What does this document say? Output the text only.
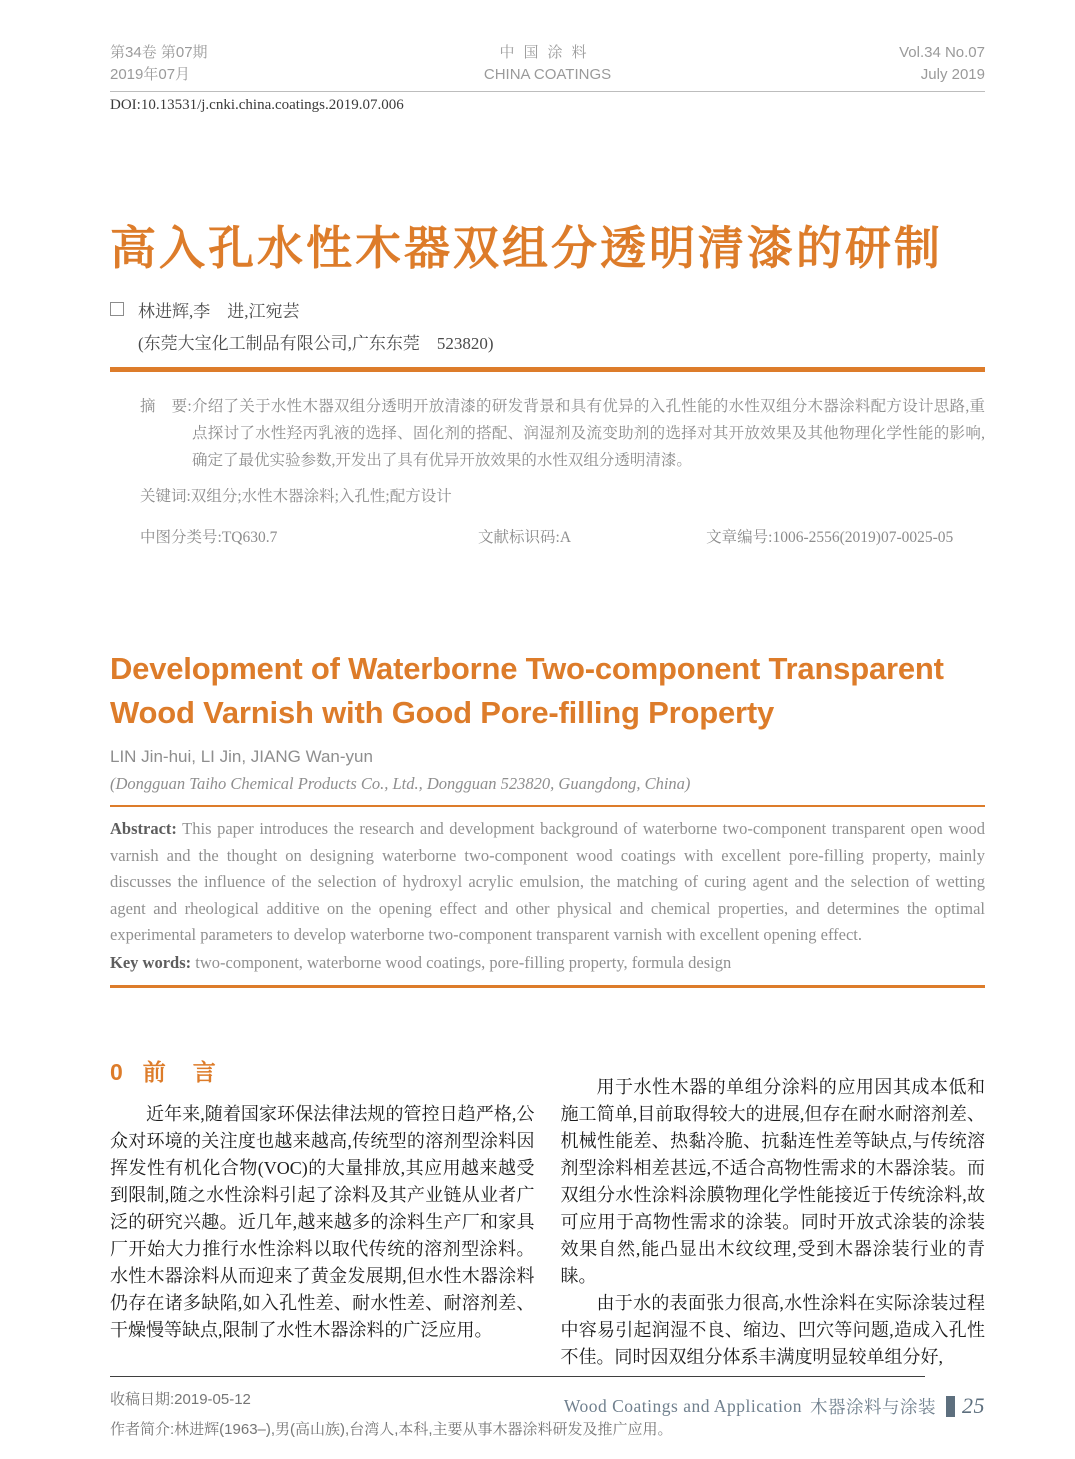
第34卷 第07期
2019年07月
中国涂料
CHINA COATINGS
Vol.34 No.07
July 2019
DOI:10.13531/j.cnki.china.coatings.2019.07.006
高入孔水性木器双组分透明清漆的研制
林进辉,李　进,江宛芸
(东莞大宝化工制品有限公司,广东东莞　523820)
摘　要:介绍了关于水性木器双组分透明开放清漆的研发背景和具有优异的入孔性能的水性双组分木器涂料配方设计思路,重点探讨了水性羟丙乳液的选择、固化剂的搭配、润湿剂及流变助剂的选择对其开放效果及其他物理化学性能的影响,确定了最优实验参数,开发出了具有优异开放效果的水性双组分透明清漆。
关键词:双组分;水性木器涂料;入孔性;配方设计
中图分类号:TQ630.7	文献标识码:A	文章编号:1006-2556(2019)07-0025-05
Development of Waterborne Two-component Transparent
Wood Varnish with Good Pore-filling Property
LIN Jin-hui, LI Jin, JIANG Wan-yun
(Dongguan Taiho Chemical Products Co., Ltd., Dongguan 523820, Guangdong, China)
Abstract: This paper introduces the research and development background of waterborne two-component transparent open wood varnish and the thought on designing waterborne two-component wood coatings with excellent pore-filling property, mainly discusses the influence of the selection of hydroxyl acrylic emulsion, the matching of curing agent and the selection of wetting agent and rheological additive on the opening effect and other physical and chemical properties, and determines the optimal experimental parameters to develop waterborne two-component transparent varnish with excellent opening effect.
Key words: two-component, waterborne wood coatings, pore-filling property, formula design
0 前　言

近年来,随着国家环保法律法规的管控日趋严格,公众对环境的关注度也越来越高,传统型的溶剂型涂料因挥发性有机化合物(VOC)的大量排放,其应用越来越受到限制,随之水性涂料引起了涂料及其产业链从业者广泛的研究兴趣。近几年,越来越多的涂料生产厂和家具厂开始大力推行水性涂料以取代传统的溶剂型涂料。水性木器涂料从而迎来了黄金发展期,但水性木器涂料仍存在诸多缺陷,如入孔性差、耐水性差、耐溶剂差、干燥慢等缺点,限制了水性木器涂料的广泛应用。

用于水性木器的单组分涂料的应用因其成本低和施工简单,目前取得较大的进展,但存在耐水耐溶剂差、机械性能差、热黏冷脆、抗黏连性差等缺点,与传统溶剂型涂料相差甚远,不适合高物性需求的木器涂装。而双组分水性涂料涂膜物理化学性能接近于传统涂料,故可应用于高物性需求的涂装。同时开放式涂装的涂装效果自然,能凸显出木纹纹理,受到木器涂装行业的青睐。

由于水的表面张力很高,水性涂料在实际涂装过程中容易引起润湿不良、缩边、凹穴等问题,造成入孔性不佳。同时因双组分体系丰满度明显较单组分好,

收稿日期:2019-05-12
作者简介:林进辉(1963–),男(高山族),台湾人,本科,主要从事木器涂料研发及推广应用。
Wood Coatings and Application 木器涂料与涂装 25
